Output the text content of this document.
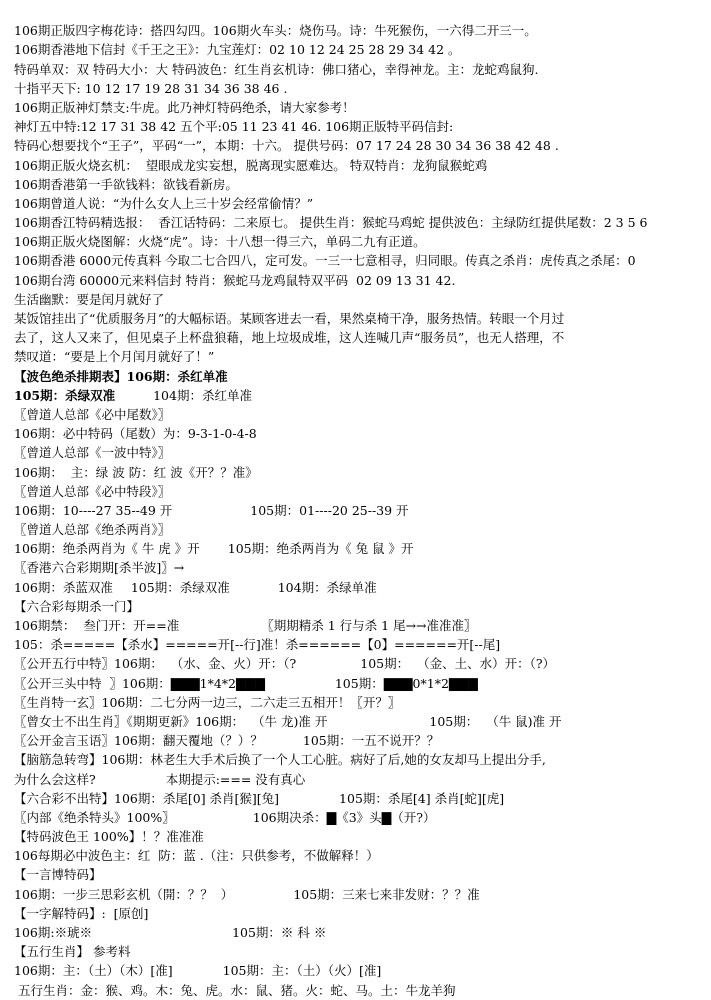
106期正版四字梅花诗：搭四勾四。106期火车头：烧伤马。诗：牛死猴伤，一六得二开三一。
106期香港地下信封《千王之王》：九宝莲灯：02 10 12 24 25 28 29 34 42 。
特码单双：双 特码大小：大 特码波色：红生肖玄机诗：佛口猪心，幸得神龙。主：龙蛇鸡鼠狗.
十指平天下: 10 12 17 19 28 31 34 36 38 46 .
106期正版神灯禁支:牛虎。此乃神灯特码绝杀，请大家参考！
神灯五中特:12 17 31 38 42 五个平:05 11 23 41 46. 106期正版特平码信封:
特码心想要找个“王子”，平码“一”，本期：十六。 提供号码：07 17 24 28 30 34 36 38 42 48 .
106期正版火烧玄机：  望眼成龙实妄想，脱离现实愿难达。 特双特肖：龙狗鼠猴蛇鸡
106期香港第一手欲钱料：欲钱看新房。
106期曾道人说：“为什么女人上三十岁会经常偷情？”
106期香江特码精选报：  香江话特码：二来原七。 提供生肖：猴蛇马鸡蛇 提供波色：主绿防红提供尾数：2 3 5 6
106期正版火烧图解：火烧“虎”。诗：十八想一得三六，单码二九有正道。
106期香港 6000元传真料 今取二七合四八，定可发。一三一七意相寻，归同眼。传真之杀肖：虎传真之杀尾：0
106期台湾 60000元来料信封 特肖：猴蛇马龙鸡鼠特双平码  02 09 13 31 42.
生活幽默：要是闰月就好了
某饭馆挂出了“优质服务月”的大幅标语。某顾客进去一看，果然桌椅干净，服务热情。转眼一个月过
去了，这人又来了，但见桌子上杯盘狼藉，地上垃圾成堆，这人连喊几声“服务员”，也无人搭理，不
禁叹道：“要是上个月闰月就好了！”
【波色绝杀排期表】106期：杀红单准
105期：杀绿双准	104期：杀红单准
〖曾道人总部《必中尾数》〗
106期：必中特码（尾数）为：9-3-1-0-4-8
〖曾道人总部《一波中特》〗
106期：  主：绿 波 防：红 波《开？？准》
〖曾道人总部《必中特段》〗
106期：10----27 35--49 开	105期：01----20 25--39 开
〖曾道人总部《绝杀两肖》〗
106期：绝杀两肖为《 牛 虎 》开 105期：绝杀两肖为《 兔 鼠 》开
〖香港六合彩期期[杀半波]〗→
106期：杀蓝双准 105期：杀绿双准	104期：杀绿单准
【六合彩每期杀一门】
106期禁：  叁门开：开==准	〖期期精杀 1 行与杀 1 尾→→准准准〗
105：杀=====【杀水】=====开[--行]准！杀======【0】======开[--尾]
〖公开五行中特〗106期：  （水、金、火）开：（?	105期：  （金、土、水）开：（?）
〖公开三头中特  〗106期：▇▇▇1*4*2▇▇▇	105期：▇▇▇0*1*2▇▇▇
〖生肖特一玄〗106期：二七分两一边三，二六走三五相开！〖开？〗
〖曾女士不出生肖〗《期期更新》106期：  （牛 龙)准 开	105期：  （牛 鼠)准 开
〖公开金言玉语〗106期：翻天覆地（？）？	105期：一五不说开？？
【脑筋急转弯】106期：林老生大手术后换了一个人工心脏。病好了后,她的女友却马上提出分手,
为什么会这样?	本期提示:=== 没有真心
【六合彩不出特】106期：杀尾[0] 杀肖[猴][兔]	105期：杀尾[4] 杀肖[蛇][虎]
〖内部《绝杀特头》100%〗	106期决杀：▇《3》头▇（开?）
【特码波色王 100%】！？准准准
106每期必中波色主：红  防：蓝 .（注：只供参考，不做解释！）
【一言博特码】
106期：一步三思彩玄机（開：？？  ）	105期：三来七来非发财：？？准
【一字解特码】:  [原创]
106期:※琥※	105期：※ 科 ※
【五行生肖】 参考料
106期：主：（土）（木）[准]	105期：主：（土）（火）[准]
五行生肖：金：猴、鸡。木：兔、虎。水：鼠、猪。火：蛇、马。土：牛龙羊狗
